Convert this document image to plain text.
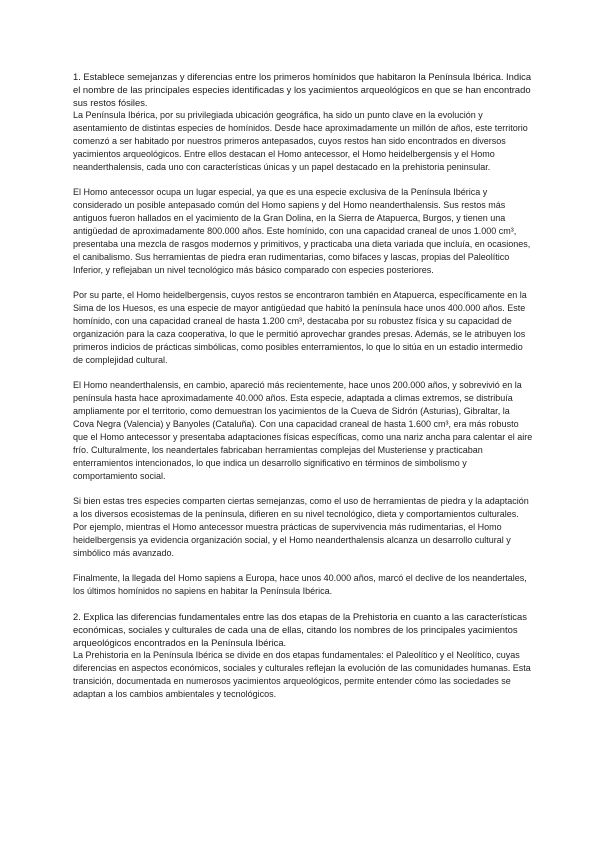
1. Establece semejanzas y diferencias entre los primeros homínidos que habitaron la Península Ibérica. Indica el nombre de las principales especies identificadas y los yacimientos arqueológicos en que se han encontrado sus restos fósiles.

La Península Ibérica, por su privilegiada ubicación geográfica, ha sido un punto clave en la evolución y asentamiento de distintas especies de homínidos. Desde hace aproximadamente un millón de años, este territorio comenzó a ser habitado por nuestros primeros antepasados, cuyos restos han sido encontrados en diversos yacimientos arqueológicos. Entre ellos destacan el Homo antecessor, el Homo heidelbergensis y el Homo neanderthalensis, cada uno con características únicas y un papel destacado en la prehistoria peninsular.

El Homo antecessor ocupa un lugar especial, ya que es una especie exclusiva de la Península Ibérica y considerado un posible antepasado común del Homo sapiens y del Homo neanderthalensis. Sus restos más antiguos fueron hallados en el yacimiento de la Gran Dolina, en la Sierra de Atapuerca, Burgos, y tienen una antigüedad de aproximadamente 800.000 años. Este homínido, con una capacidad craneal de unos 1.000 cm³, presentaba una mezcla de rasgos modernos y primitivos, y practicaba una dieta variada que incluía, en ocasiones, el canibalismo. Sus herramientas de piedra eran rudimentarias, como bifaces y lascas, propias del Paleolítico Inferior, y reflejaban un nivel tecnológico más básico comparado con especies posteriores.

Por su parte, el Homo heidelbergensis, cuyos restos se encontraron también en Atapuerca, específicamente en la Sima de los Huesos, es una especie de mayor antigüedad que habitó la península hace unos 400.000 años. Este homínido, con una capacidad craneal de hasta 1.200 cm³, destacaba por su robustez física y su capacidad de organización para la caza cooperativa, lo que le permitió aprovechar grandes presas. Además, se le atribuyen los primeros indicios de prácticas simbólicas, como posibles enterramientos, lo que lo sitúa en un estadio intermedio de complejidad cultural.

El Homo neanderthalensis, en cambio, apareció más recientemente, hace unos 200.000 años, y sobrevivió en la península hasta hace aproximadamente 40.000 años. Esta especie, adaptada a climas extremos, se distribuía ampliamente por el territorio, como demuestran los yacimientos de la Cueva de Sidrón (Asturias), Gibraltar, la Cova Negra (Valencia) y Banyoles (Cataluña). Con una capacidad craneal de hasta 1.600 cm³, era más robusto que el Homo antecessor y presentaba adaptaciones físicas específicas, como una nariz ancha para calentar el aire frío. Culturalmente, los neandertales fabricaban herramientas complejas del Musteriense y practicaban enterramientos intencionados, lo que indica un desarrollo significativo en términos de simbolismo y comportamiento social.

Si bien estas tres especies comparten ciertas semejanzas, como el uso de herramientas de piedra y la adaptación a los diversos ecosistemas de la península, difieren en su nivel tecnológico, dieta y comportamientos culturales. Por ejemplo, mientras el Homo antecessor muestra prácticas de supervivencia más rudimentarias, el Homo heidelbergensis ya evidencia organización social, y el Homo neanderthalensis alcanza un desarrollo cultural y simbólico más avanzado.

Finalmente, la llegada del Homo sapiens a Europa, hace unos 40.000 años, marcó el declive de los neandertales, los últimos homínidos no sapiens en habitar la Península Ibérica.

2. Explica las diferencias fundamentales entre las dos etapas de la Prehistoria en cuanto a las características económicas, sociales y culturales de cada una de ellas, citando los nombres de los principales yacimientos arqueológicos encontrados en la Península Ibérica.

La Prehistoria en la Península Ibérica se divide en dos etapas fundamentales: el Paleolítico y el Neolítico, cuyas diferencias en aspectos económicos, sociales y culturales reflejan la evolución de las comunidades humanas. Esta transición, documentada en numerosos yacimientos arqueológicos, permite entender cómo las sociedades se adaptan a los cambios ambientales y tecnológicos.
